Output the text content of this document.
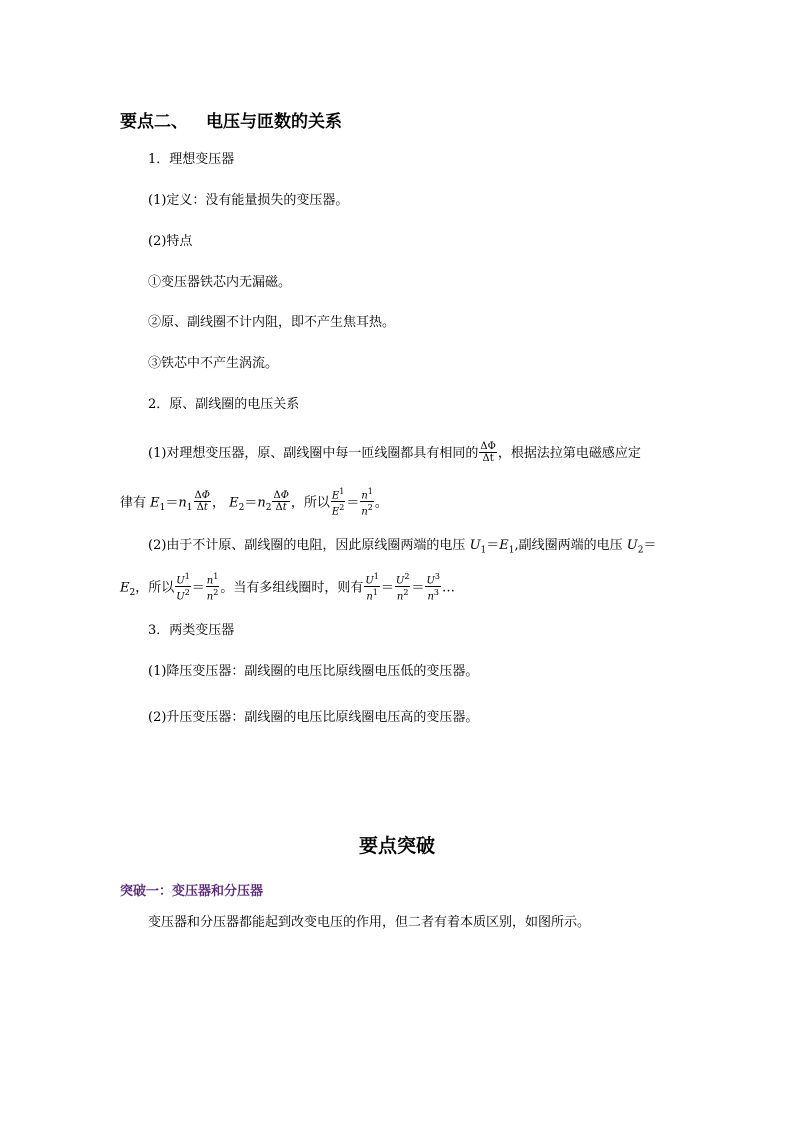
要点二、 电压与匝数的关系
1．理想变压器
(1)定义：没有能量损失的变压器。
(2)特点
①变压器铁芯内无漏磁。
②原、副线圈不计内阻，即不产生焦耳热。
③铁芯中不产生涡流。
2．原、副线圈的电压关系
(1)对理想变压器，原、副线圈中每一匝线圈都具有相同的 $\frac{\Delta\Phi}{\Delta t}$ ，根据法拉第电磁感应定
律有 $E_1=n_1 \frac{\Delta\Phi}{\Delta t}$ ， $E_2=n_2 \frac{\Delta\Phi}{\Delta t}$ ，所以 $\frac{E^1}{E^2} = \frac{n^1}{n^2}$ 。
(2)由于不计原、副线圈的电阻，因此原线圈两端的电压 $U_1=E_1$,副线圈两端的电压 $U_2=$
$E_2$，所以 $\frac{U^1}{U^2} = \frac{n^1}{n^2}$ 。当有多组线圈时，则有 $\frac{U^1}{n^1} = \frac{U^2}{n^2} = \frac{U^3}{n^3}$ …
3．两类变压器
(1)降压变压器：副线圈的电压比原线圈电压低的变压器。
(2)升压变压器：副线圈的电压比原线圈电压高的变压器。
要点突破
突破一：变压器和分压器
变压器和分压器都能起到改变电压的作用，但二者有着本质区别，如图所示。
